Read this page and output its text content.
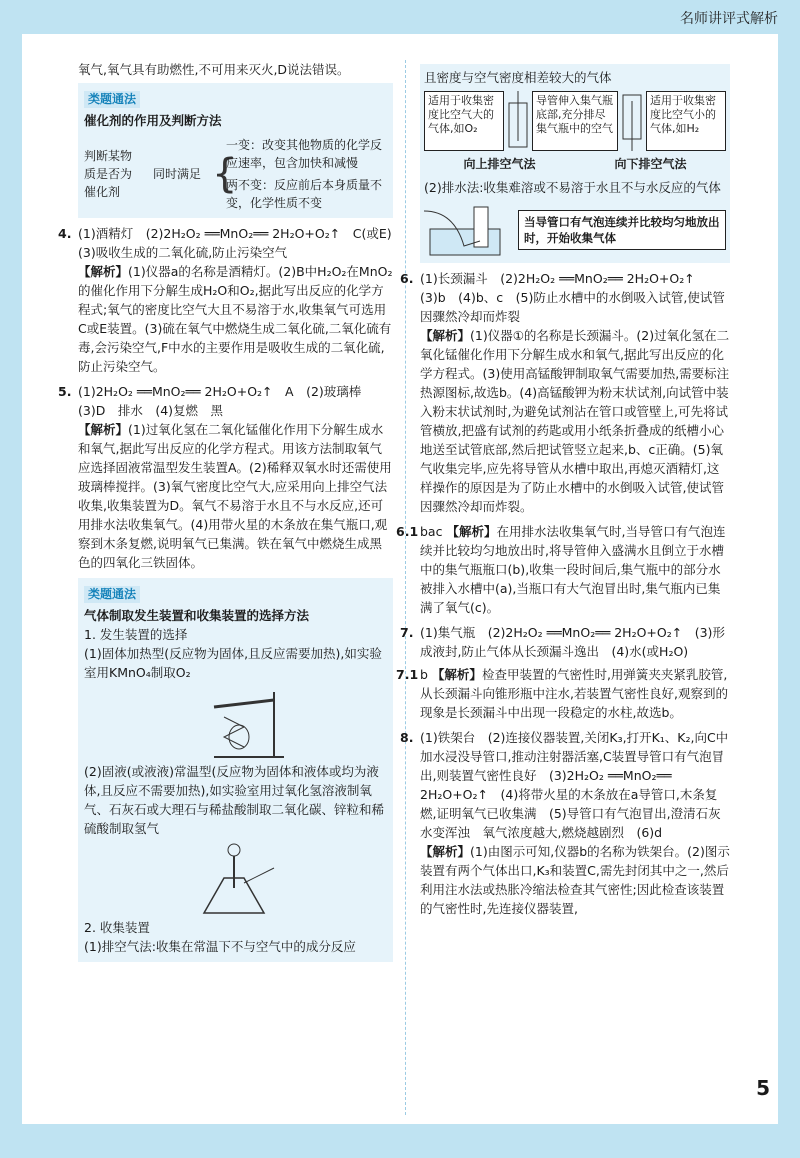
名师讲评式解析

氧气,氧气具有助燃性,不可用来灭火,D说法错误。

类题通法

催化剂的作用及判断方法

判断某物质是否为催化剂
同时满足 {

一变：改变其他物质的化学反应速率，包含加快和减慢

两不变：反应前后本身质量不变，化学性质不变

4. (1)酒精灯　(2)2H₂O₂ ══MnO₂══ 2H₂O+O₂↑　C(或E)　(3)吸收生成的二氧化硫,防止污染空气

【解析】(1)仪器a的名称是酒精灯。(2)B中H₂O₂在MnO₂的催化作用下分解生成H₂O和O₂,据此写出反应的化学方程式;氧气的密度比空气大且不易溶于水,收集氧气可选用C或E装置。(3)硫在氧气中燃烧生成二氧化硫,二氧化硫有毒,会污染空气,F中水的主要作用是吸收生成的二氧化硫,防止污染空气。

5. (1)2H₂O₂ ══MnO₂══ 2H₂O+O₂↑　A　(2)玻璃棒　(3)D　排水　(4)复燃　黑

【解析】(1)过氧化氢在二氧化锰催化作用下分解生成水和氧气,据此写出反应的化学方程式。用该方法制取氧气应选择固液常温型发生装置A。(2)稀释双氧水时还需使用玻璃棒搅拌。(3)氧气密度比空气大,应采用向上排空气法收集,收集装置为D。氧气不易溶于水且不与水反应,还可用排水法收集氧气。(4)用带火星的木条放在集气瓶口,观察到木条复燃,说明氧气已集满。铁在氧气中燃烧生成黑色的四氧化三铁固体。

类题通法

气体制取发生装置和收集装置的选择方法

1. 发生装置的选择

(1)固体加热型(反应物为固体,且反应需要加热),如实验室用KMnO₄制取O₂

(2)固液(或液液)常温型(反应物为固体和液体或均为液体,且反应不需要加热),如实验室用过氧化氢溶液制氧气、石灰石或大理石与稀盐酸制取二氧化碳、锌粒和稀硫酸制取氢气

2. 收集装置

(1)排空气法:收集在常温下不与空气中的成分反应

且密度与空气密度相差较大的气体

适用于收集密度比空气大的气体,如O₂
导管伸入集气瓶底部,充分排尽集气瓶中的空气
适用于收集密度比空气小的气体,如H₂
向上排空气法	向下排空气法

(2)排水法:收集难溶或不易溶于水且不与水反应的气体

当导管口有气泡连续并比较均匀地放出时，开始收集气体

6. (1)长颈漏斗　(2)2H₂O₂ ══MnO₂══ 2H₂O+O₂↑　(3)b　(4)b、c　(5)防止水槽中的水倒吸入试管,使试管因骤然冷却而炸裂

【解析】(1)仪器①的名称是长颈漏斗。(2)过氧化氢在二氧化锰催化作用下分解生成水和氧气,据此写出反应的化学方程式。(3)使用高锰酸钾制取氧气需要加热,需要标注热源图标,故选b。(4)高锰酸钾为粉末状试剂,向试管中装入粉末状试剂时,为避免试剂沾在管口或管壁上,可先将试管横放,把盛有试剂的药匙或用小纸条折叠成的纸槽小心地送至试管底部,然后把试管竖立起来,b、c正确。(5)氧气收集完毕,应先将导管从水槽中取出,再熄灭酒精灯,这样操作的原因是为了防止水槽中的水倒吸入试管,使试管因骤然冷却而炸裂。

6.1 bac 【解析】在用排水法收集氧气时,当导管口有气泡连续并比较均匀地放出时,将导管伸入盛满水且倒立于水槽中的集气瓶瓶口(b),收集一段时间后,集气瓶中的部分水被排入水槽中(a),当瓶口有大气泡冒出时,集气瓶内已集满了氧气(c)。

7. (1)集气瓶　(2)2H₂O₂ ══MnO₂══ 2H₂O+O₂↑　(3)形成液封,防止气体从长颈漏斗逸出　(4)水(或H₂O)

7.1 b 【解析】检查甲装置的气密性时,用弹簧夹夹紧乳胶管,从长颈漏斗向锥形瓶中注水,若装置气密性良好,观察到的现象是长颈漏斗中出现一段稳定的水柱,故选b。

8. (1)铁架台　(2)连接仪器装置,关闭K₃,打开K₁、K₂,向C中加水浸没导管口,推动注射器活塞,C装置导管口有气泡冒出,则装置气密性良好　(3)2H₂O₂ ══MnO₂══ 2H₂O+O₂↑　(4)将带火星的木条放在a导管口,木条复燃,证明氧气已收集满　(5)导管口有气泡冒出,澄清石灰水变浑浊　氧气浓度越大,燃烧越剧烈　(6)d

【解析】(1)由图示可知,仪器b的名称为铁架台。(2)图示装置有两个气体出口,K₃和装置C,需先封闭其中之一,然后利用注水法或热胀冷缩法检查其气密性;因此检查该装置的气密性时,先连接仪器装置,

5
